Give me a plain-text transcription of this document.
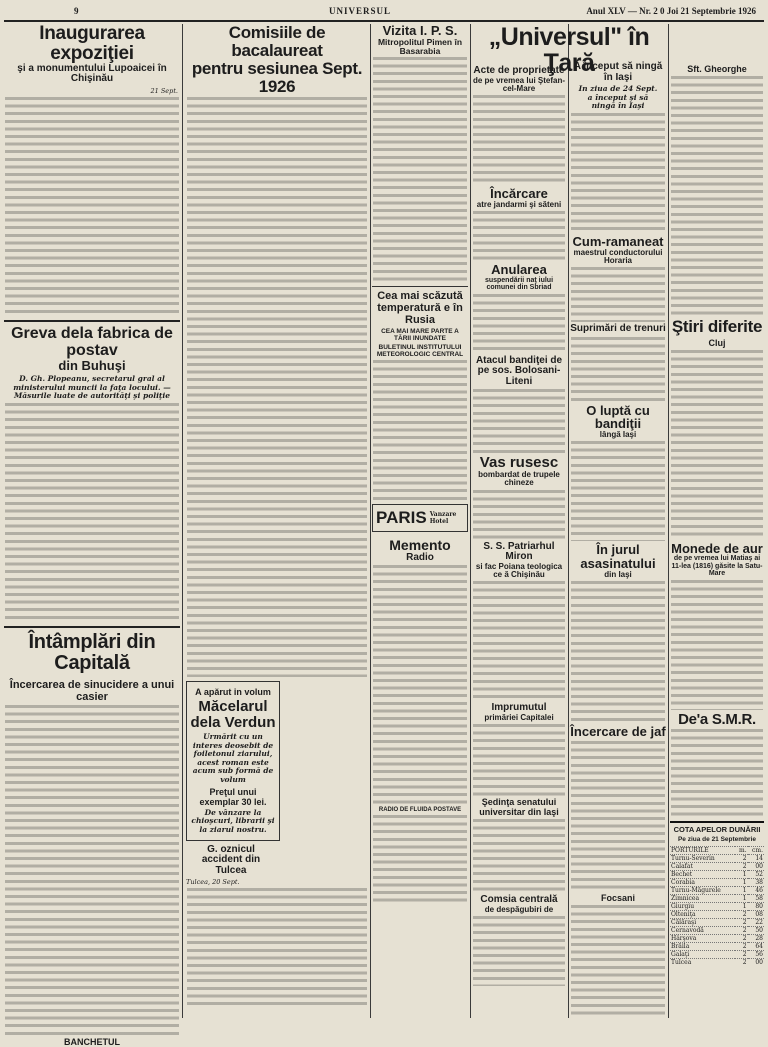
9	UNIVERSUL	Anul XLV — Nr. 2 0 Joi 21 Septembrie 1926
Inaugurarea expoziţiei
şi a monumentului Lupoaicei în Chişinău
21 Sept.
Greva dela fabrica de postav
din Buhuşi
D. Gh. Plopeanu, secretarul gral al ministerului muncii la faţa locului. — Măsurile luate de autorităţi şi poliţie
Întâmplări din Capitală
Încercarea de sinucidere a unui casier
BANCHETUL
Comisiile de bacalaureat
pentru sesiunea Sept. 1926
A apărut in volum
Măcelarul dela Verdun
Urmărit cu un interes deosebit de foiletonul ziarului, acest roman este acum sub formă de volum
Preţul unui exemplar 30 lei.
De vânzare la chioşcuri, librarii şi la ziarul nostru.
G. oznicul accident din Tulcea
Tulcea, 20 Sept.
Vizita I. P. S.
Mitropolitul Pimen în Basarabia
Cea mai scăzută temperatură e în Rusia
CEA MAI MARE PARTE A TĂRII INUNDATE
BULETINUL INSTITUTULUI METEOROLOGIC CENTRAL
PARIS Vanzare Hotel
Memento
Radio
RADIO DE FLUIDA POSTAVE
Acte de proprietate
de pe vremea lui Ştefan-cel-Mare
Încărcare
atre jandarmi şi săteni
Anularea
suspendării naţ iului comunei din Sbriad
Atacul bandiţei de pe sos. Bolosani-Liteni
Vas rusesc
bombardat de trupele chineze
S. S. Patriarhul Miron
si fac Poiana teologica ce ă Chişinău
Imprumutul
primăriei Capitalei
Şedinţa senatului universitar din Iaşi
Comsia centrală
de despăgubiri de
„Universul" în Ţară
A început să ningă în Iaşi
In ziua de 24 Sept. a început şi să ningă în Iaşi
Cum-ramaneat
maestrul conductorului Horaria
Suprimări de trenuri
O luptă cu bandiţii
lângă Iaşi
În jurul asasinatului
din Iaşi
Încercare de jaf
Focsani
Sft. Gheorghe
Ştiri diferite
Cluj
Monede de aur
de pe vremea lui Matiaş ai 11-lea (1816) găsite la Satu-Mare
De'a S.M.R.
COTA APELOR DUNĂRII
Pe ziua de 21 Septembrie
PORTURILE	m.	cm.
Turnu-Severin	2	14
Calafat	2	00
Bechet	1	52
Corabia	1	38
Turnu-Măgurele	1	46
Zimnicea	1	58
Giurgiu	1	80
Olteniţa	2	08
Călăraşi	2	22
Cernavodă	2	50
Hârşova	2	28
Brăila	2	64
Galaţi	2	56
Tulcea	2	00
